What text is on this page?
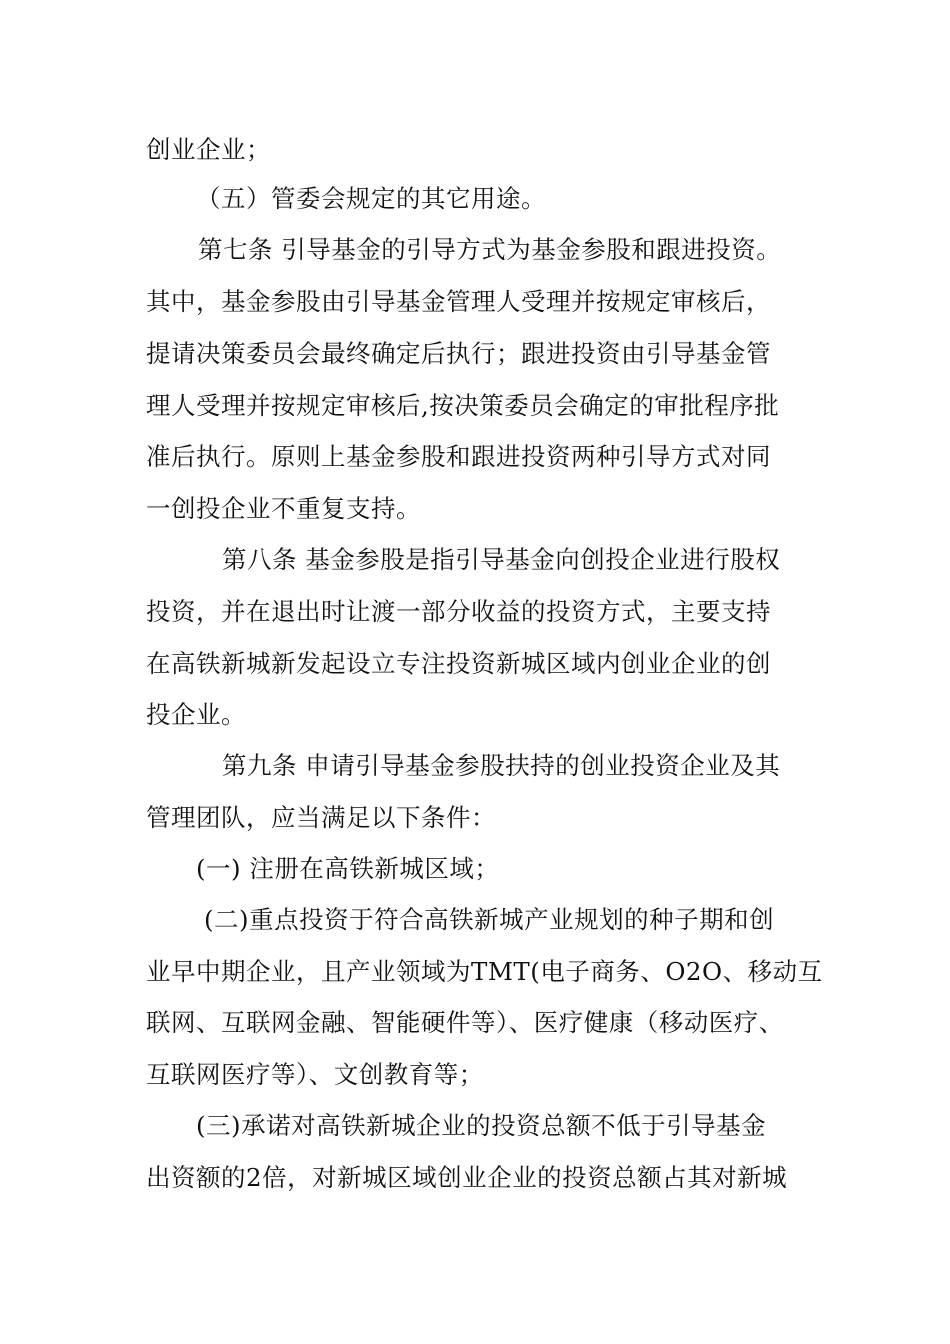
创业企业；
（五）管委会规定的其它用途。
第七条 引导基金的引导方式为基金参股和跟进投资。
其中，基金参股由引导基金管理人受理并按规定审核后，
提请决策委员会最终确定后执行；跟进投资由引导基金管
理人受理并按规定审核后,按决策委员会确定的审批程序批
准后执行。原则上基金参股和跟进投资两种引导方式对同
一创投企业不重复支持。
第八条 基金参股是指引导基金向创投企业进行股权
投资，并在退出时让渡一部分收益的投资方式，主要支持
在高铁新城新发起设立专注投资新城区域内创业企业的创
投企业。
第九条 申请引导基金参股扶持的创业投资企业及其
管理团队，应当满足以下条件：
(一) 注册在高铁新城区域；
(二)重点投资于符合高铁新城产业规划的种子期和创
业早中期企业，且产业领域为TMT(电子商务、O2O、移动互
联网、互联网金融、智能硬件等）、医疗健康（移动医疗、
互联网医疗等）、文创教育等；
(三)承诺对高铁新城企业的投资总额不低于引导基金
出资额的2倍，对新城区域创业企业的投资总额占其对新城
